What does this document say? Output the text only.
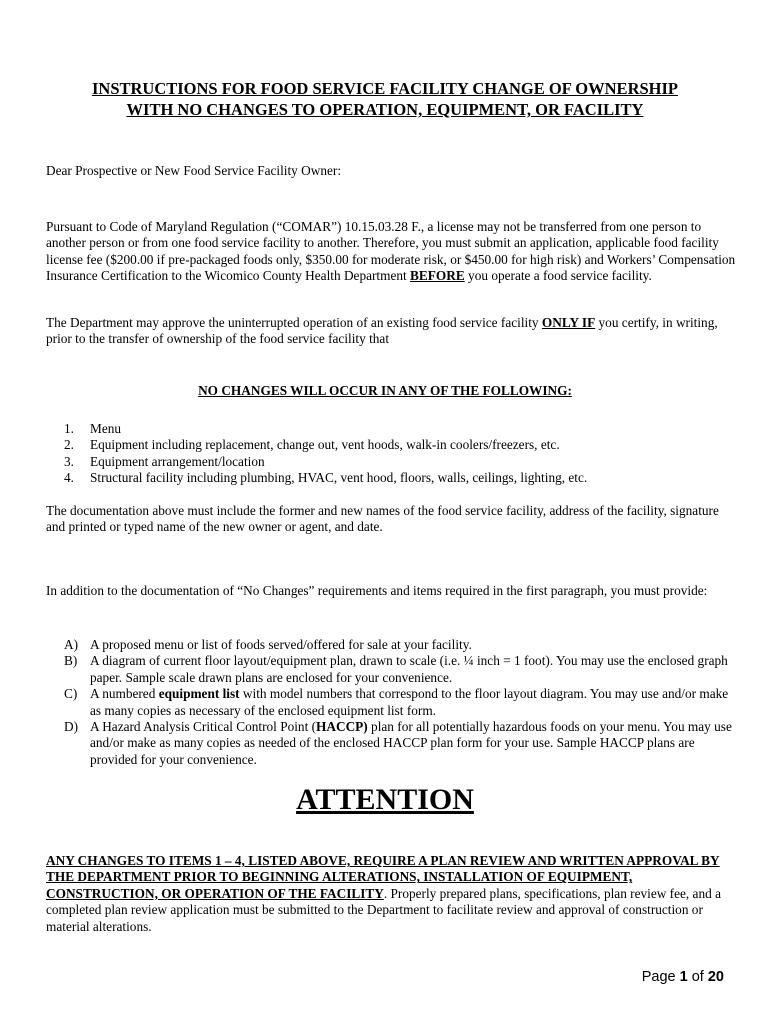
INSTRUCTIONS FOR FOOD SERVICE FACILITY CHANGE OF OWNERSHIP
WITH NO CHANGES TO OPERATION, EQUIPMENT, OR FACILITY
Dear Prospective or New Food Service Facility Owner:
Pursuant to Code of Maryland Regulation (“COMAR”) 10.15.03.28 F., a license may not be transferred from one person to another person or from one food service facility to another. Therefore, you must submit an application, applicable food facility license fee ($200.00 if pre-packaged foods only, $350.00 for moderate risk, or $450.00 for high risk) and Workers’ Compensation Insurance Certification to the Wicomico County Health Department BEFORE you operate a food service facility.
The Department may approve the uninterrupted operation of an existing food service facility ONLY IF you certify, in writing, prior to the transfer of ownership of the food service facility that
NO CHANGES WILL OCCUR IN ANY OF THE FOLLOWING:
1. Menu
2. Equipment including replacement, change out, vent hoods, walk-in coolers/freezers, etc.
3. Equipment arrangement/location
4. Structural facility including plumbing, HVAC, vent hood, floors, walls, ceilings, lighting, etc.
The documentation above must include the former and new names of the food service facility, address of the facility, signature and printed or typed name of the new owner or agent, and date.
In addition to the documentation of “No Changes” requirements and items required in the first paragraph, you must provide:
A) A proposed menu or list of foods served/offered for sale at your facility.
B) A diagram of current floor layout/equipment plan, drawn to scale (i.e. ¼ inch = 1 foot). You may use the enclosed graph paper. Sample scale drawn plans are enclosed for your convenience.
C) A numbered equipment list with model numbers that correspond to the floor layout diagram. You may use and/or make as many copies as necessary of the enclosed equipment list form.
D) A Hazard Analysis Critical Control Point (HACCP) plan for all potentially hazardous foods on your menu. You may use and/or make as many copies as needed of the enclosed HACCP plan form for your use. Sample HACCP plans are provided for your convenience.
ATTENTION
ANY CHANGES TO ITEMS 1 – 4, LISTED ABOVE, REQUIRE A PLAN REVIEW AND WRITTEN APPROVAL BY THE DEPARTMENT PRIOR TO BEGINNING ALTERATIONS, INSTALLATION OF EQUIPMENT, CONSTRUCTION, OR OPERATION OF THE FACILITY. Properly prepared plans, specifications, plan review fee, and a completed plan review application must be submitted to the Department to facilitate review and approval of construction or material alterations.
Page 1 of 20
